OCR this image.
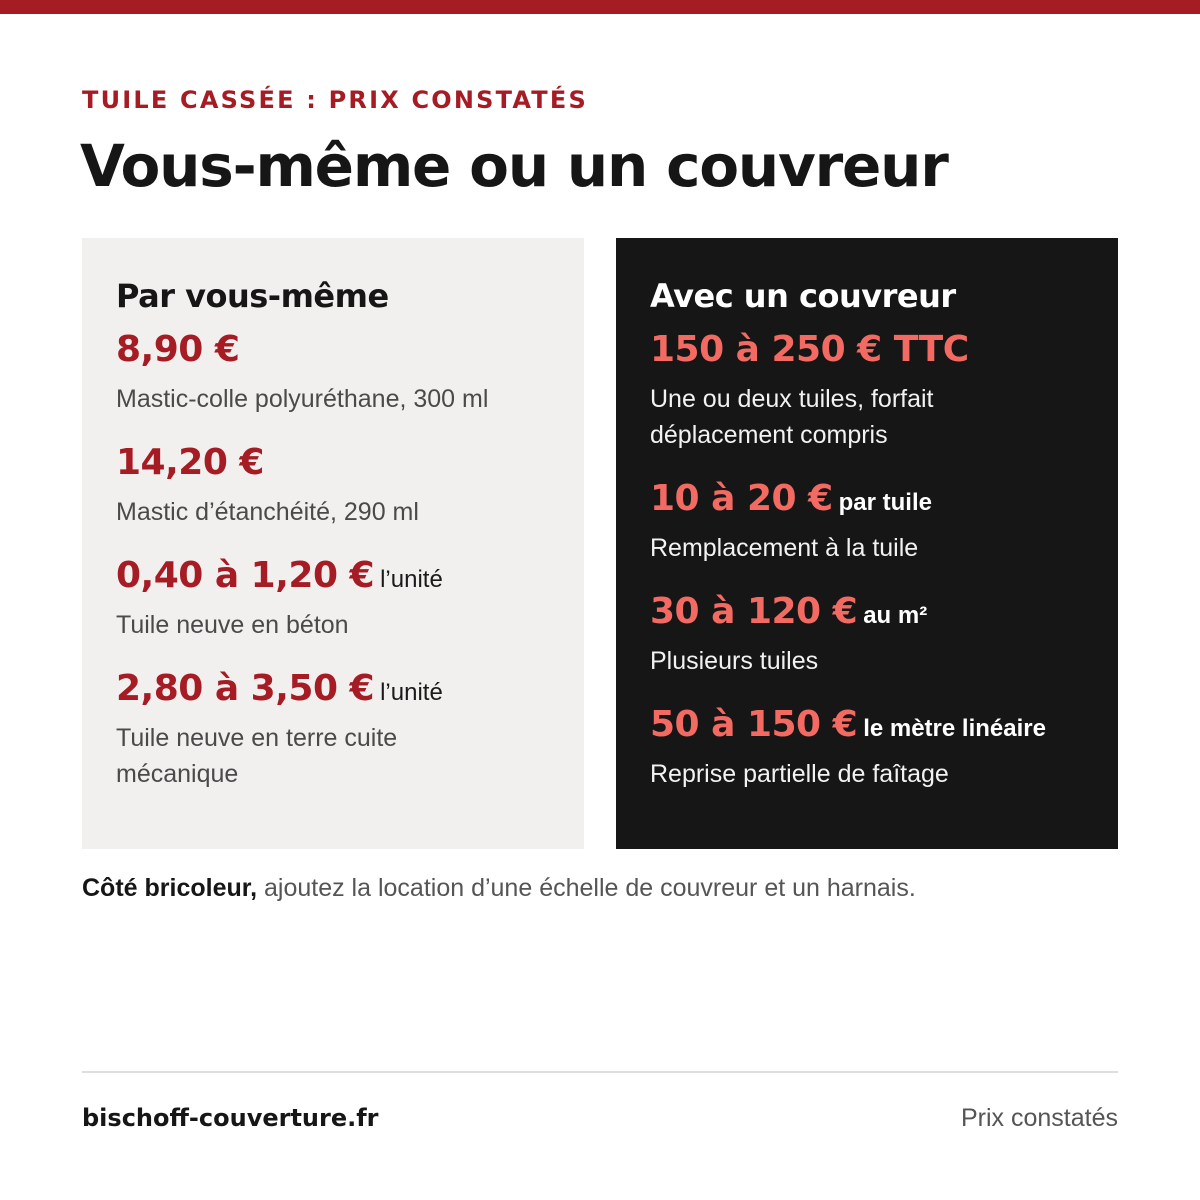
TUILE CASSÉE : PRIX CONSTATÉS
Vous-même ou un couvreur
Par vous-même
8,90 €
Mastic-colle polyuréthane, 300 ml
14,20 €
Mastic d’étanchéité, 290 ml
0,40 à 1,20 € l’unité
Tuile neuve en béton
2,80 à 3,50 € l’unité
Tuile neuve en terre cuite
mécanique
Avec un couvreur
150 à 250 € TTC
Une ou deux tuiles, forfait
déplacement compris
10 à 20 € par tuile
Remplacement à la tuile
30 à 120 € au m²
Plusieurs tuiles
50 à 150 € le mètre linéaire
Reprise partielle de faîtage
Côté bricoleur, ajoutez la location d’une échelle de couvreur et un harnais.
bischoff-couverture.fr	Prix constatés
